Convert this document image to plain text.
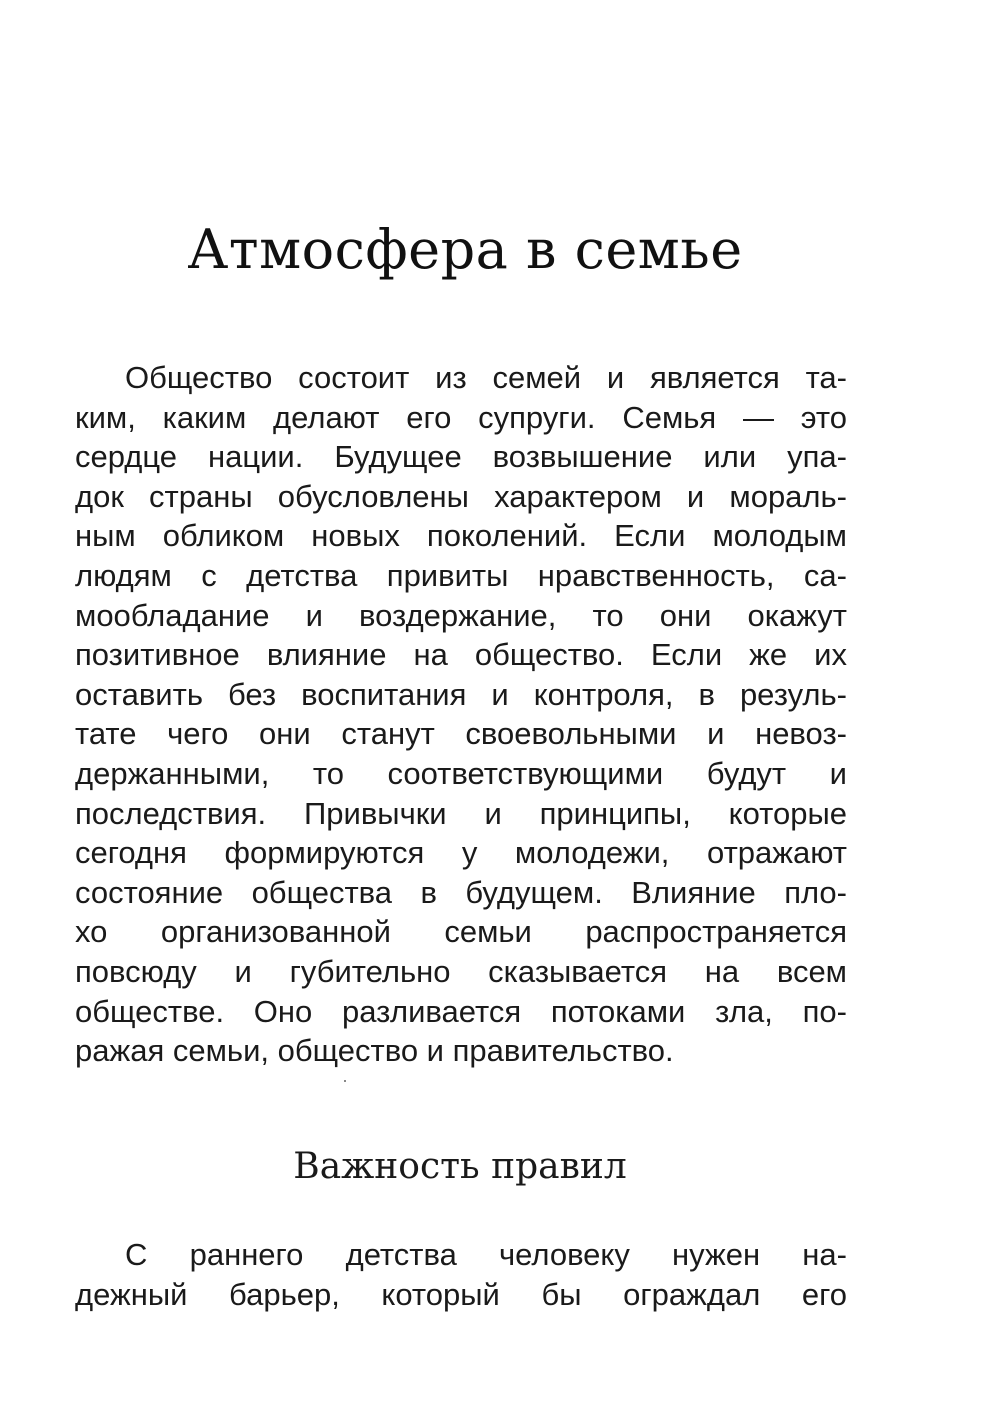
Атмосфера в семье
Общество состоит из семей и является та-
ким, каким делают его супруги. Семья — это
сердце нации. Будущее возвышение или упа-
док страны обусловлены характером и мораль-
ным обликом новых поколений. Если молодым
людям с детства привиты нравственность, са-
мообладание и воздержание, то они окажут
позитивное влияние на общество. Если же их
оставить без воспитания и контроля, в резуль-
тате чего они станут своевольными и невоз-
держанными, то соответствующими будут и
последствия. Привычки и принципы, которые
сегодня формируются у молодежи, отражают
состояние общества в будущем. Влияние пло-
хо организованной семьи распространяется
повсюду и губительно сказывается на всем
обществе. Оно разливается потоками зла, по-
ражая семьи, общество и правительство.
Важность правил
С раннего детства человеку нужен на-
дежный барьер, который бы ограждал его
